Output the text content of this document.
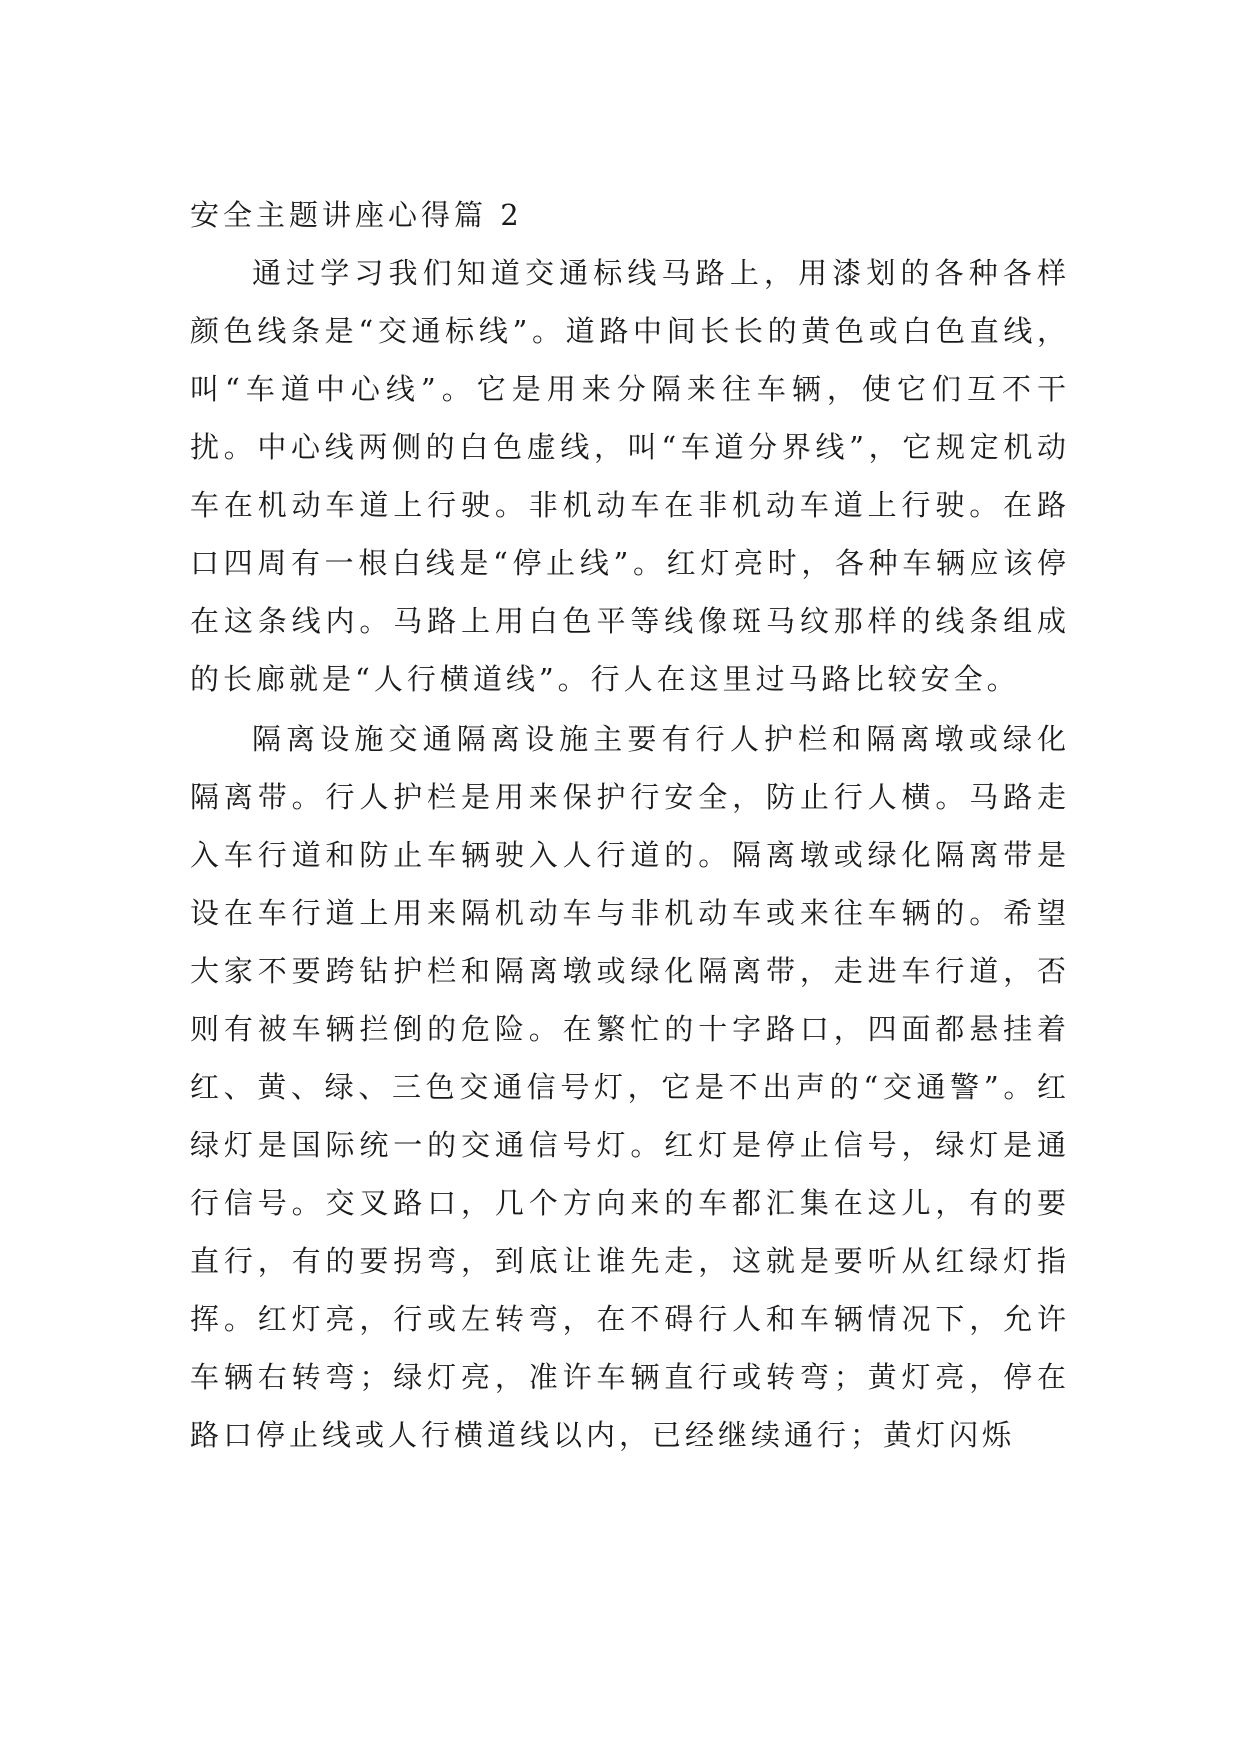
安全主题讲座心得篇 2

通过学习我们知道交通标线马路上，用漆划的各种各样颜色线条是“交通标线”。道路中间长长的黄色或白色直线，叫“车道中心线”。它是用来分隔来往车辆，使它们互不干扰。中心线两侧的白色虚线，叫“车道分界线”，它规定机动车在机动车道上行驶。非机动车在非机动车道上行驶。在路口四周有一根白线是“停止线”。红灯亮时，各种车辆应该停在这条线内。马路上用白色平等线像斑马纹那样的线条组成的长廊就是“人行横道线”。行人在这里过马路比较安全。

隔离设施交通隔离设施主要有行人护栏和隔离墩或绿化隔离带。行人护栏是用来保护行安全，防止行人横。马路走入车行道和防止车辆驶入人行道的。隔离墩或绿化隔离带是设在车行道上用来隔机动车与非机动车或来往车辆的。希望大家不要跨钻护栏和隔离墩或绿化隔离带，走进车行道，否则有被车辆拦倒的危险。在繁忙的十字路口，四面都悬挂着红、黄、绿、三色交通信号灯，它是不出声的“交通警”。红绿灯是国际统一的交通信号灯。红灯是停止信号，绿灯是通行信号。交叉路口，几个方向来的车都汇集在这儿，有的要直行，有的要拐弯，到底让谁先走，这就是要听从红绿灯指挥。红灯亮，行或左转弯，在不碍行人和车辆情况下，允许车辆右转弯；绿灯亮，准许车辆直行或转弯；黄灯亮，停在路口停止线或人行横道线以内，已经继续通行；黄灯闪烁
